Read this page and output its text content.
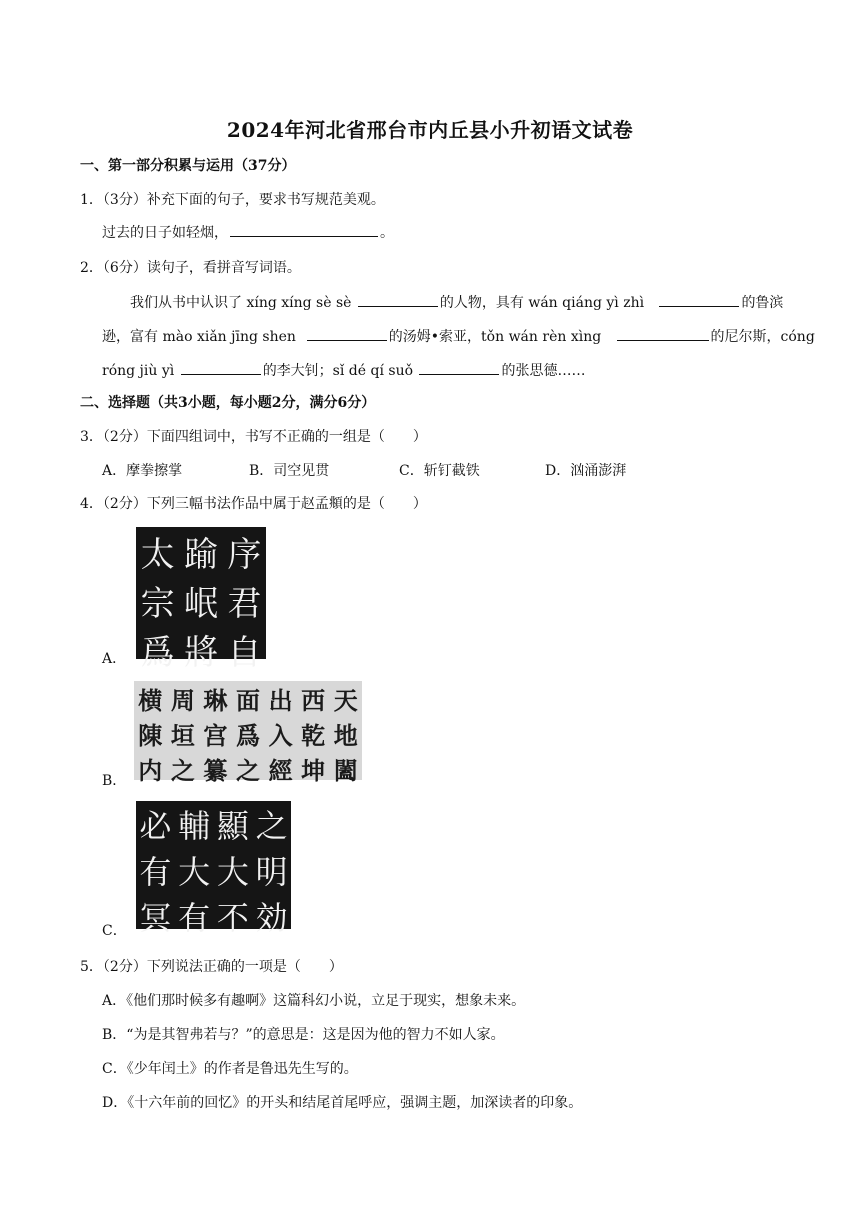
2024年河北省邢台市内丘县小升初语文试卷
一、第一部分积累与运用（37分）
1．（3分）补充下面的句子，要求书写规范美观。
过去的日子如轻烟，	。
2．（6分）读句子，看拼音写词语。
我们从书中认识了 xíng xíng sè sè	的人物，具有 wán qiáng yì zhì	的鲁滨
逊，富有 mào xiǎn jīng shen	的汤姆•索亚，tǒn wán rèn xìng	的尼尔斯，cóng
róng jiù yì	的李大钊；sǐ dé qí suǒ	的张思德……
二、选择题（共3小题，每小题2分，满分6分）
3．（2分）下面四组词中，书写不正确的一组是（　　）
A．摩拳擦掌	B．司空见贯	C．斩钉截铁	D．汹涌澎湃
4．（2分）下列三幅书法作品中属于赵孟頫的是（　　）
太 踰 序
宗 岷 君
爲 將 自
A．
横 周 琳 面 出 西 天
陳 垣 宫 爲 入 乾 地
内 之 纂 之 經 坤 闔
B．
必 輔 顯 之
有 大 大 明
冥 有 不 効
C．
5．（2分）下列说法正确的一项是（　　）
A．《他们那时候多有趣啊》这篇科幻小说，立足于现实，想象未来。
B．“为是其智弗若与？”的意思是：这是因为他的智力不如人家。
C．《少年闰土》的作者是鲁迅先生写的。
D．《十六年前的回忆》的开头和结尾首尾呼应，强调主题，加深读者的印象。
